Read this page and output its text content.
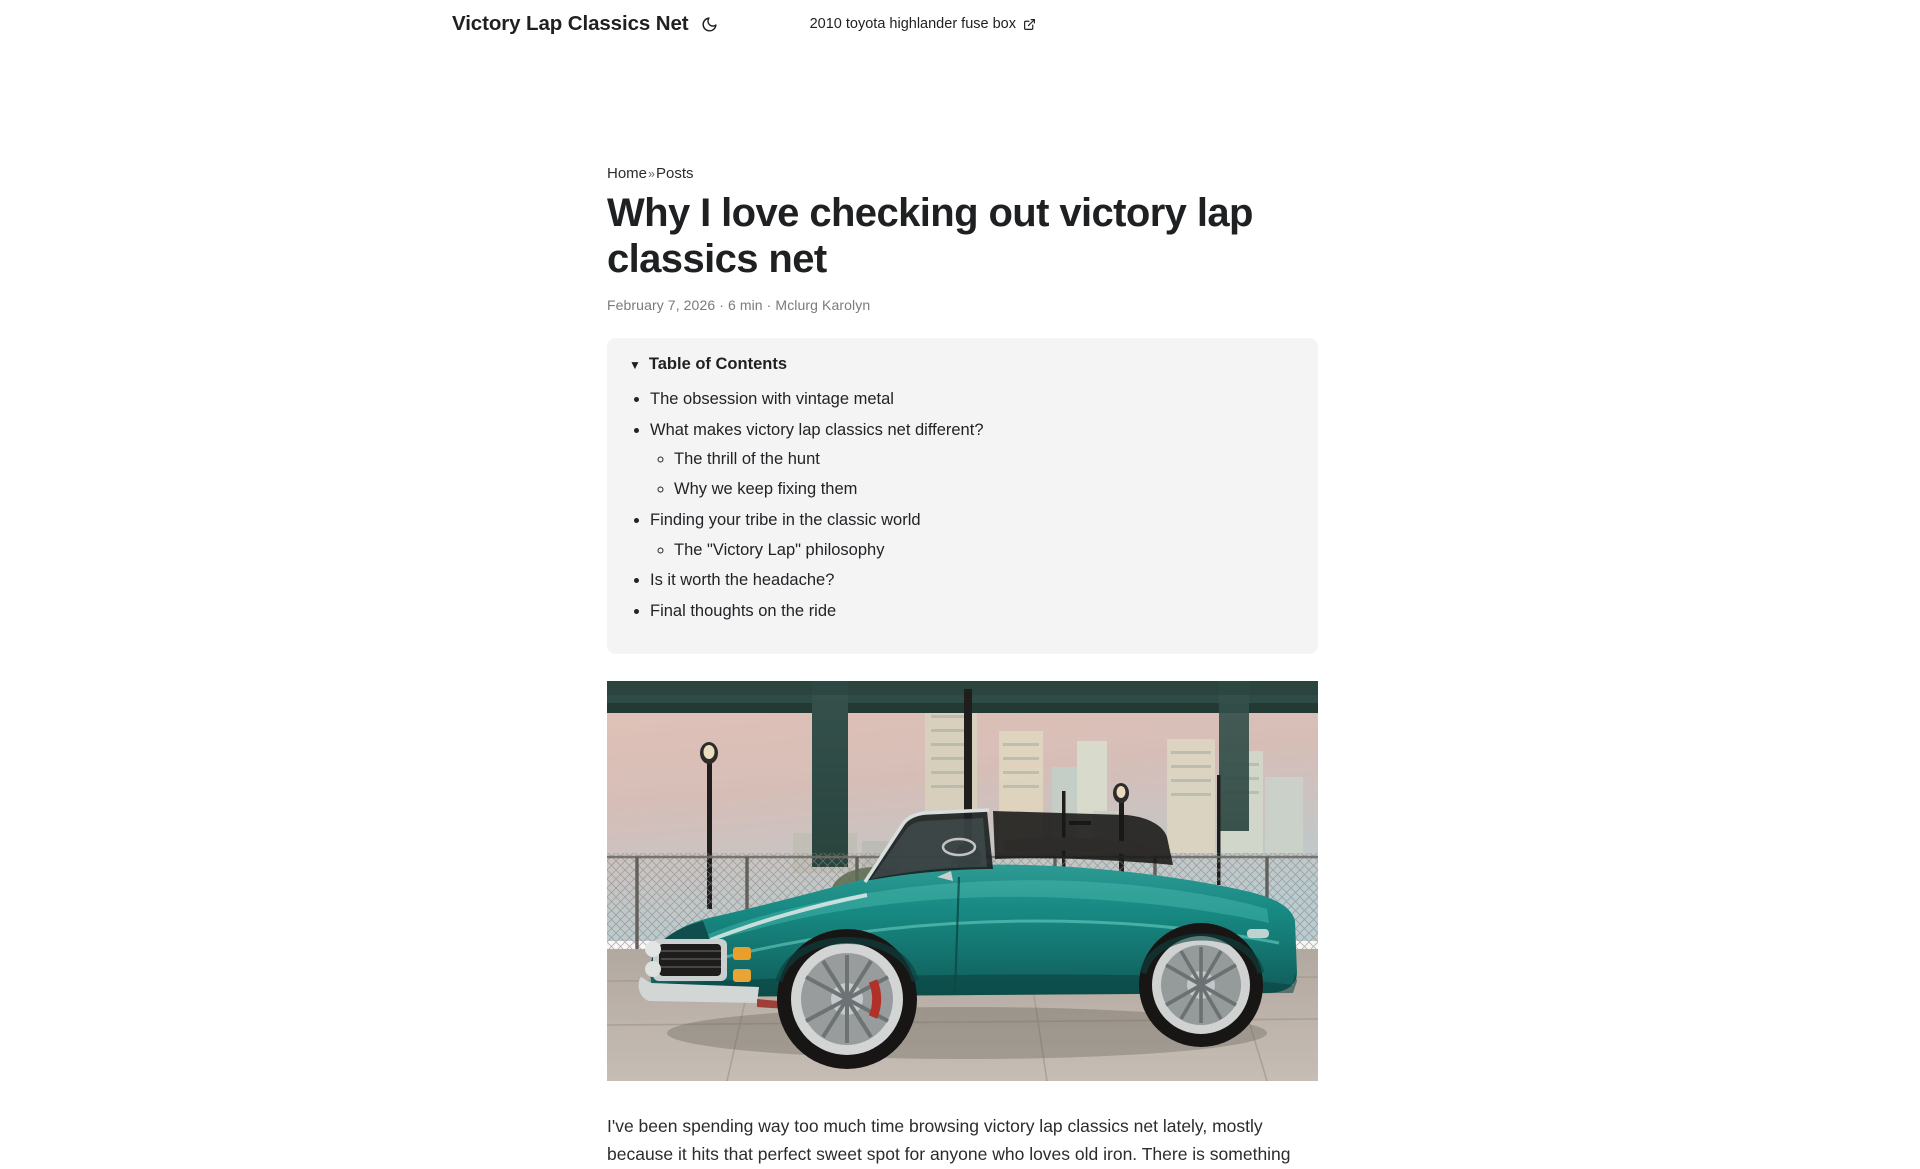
Victory Lap Classics Net	2010 toyota highlander fuse box
Home»Posts
Why I love checking out victory lap classics net
February 7, 2026 · 6 min · Mclurg Karolyn
▼ Table of Contents
• The obsession with vintage metal
• What makes victory lap classics net different?
◦ The thrill of the hunt
◦ Why we keep fixing them
• Finding your tribe in the classic world
◦ The "Victory Lap" philosophy
• Is it worth the headache?
• Final thoughts on the ride

I've been spending way too much time browsing victory lap classics net lately, mostly because it hits that perfect sweet spot for anyone who loves old iron. There is something
